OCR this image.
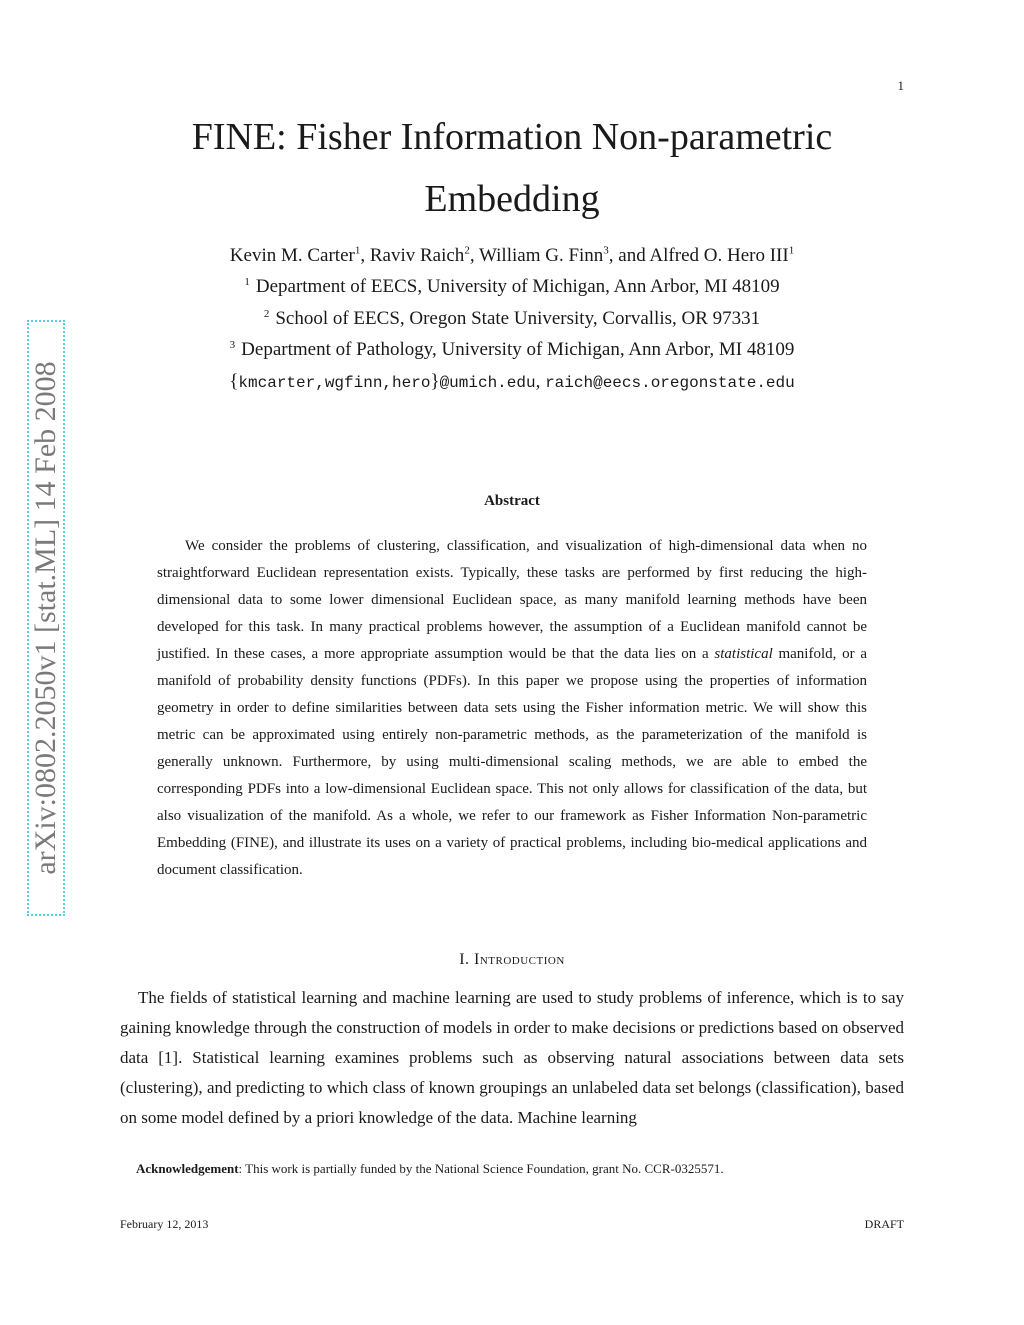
1
arXiv:0802.2050v1 [stat.ML] 14 Feb 2008
FINE: Fisher Information Non-parametric
Embedding
Kevin M. Carter$^1$, Raviv Raich$^2$, William G. Finn$^3$, and Alfred O. Hero III$^1$
$^1$ Department of EECS, University of Michigan, Ann Arbor, MI 48109
$^2$ School of EECS, Oregon State University, Corvallis, OR 97331
$^3$ Department of Pathology, University of Michigan, Ann Arbor, MI 48109
{kmcarter,wgfinn,hero}@umich.edu, raich@eecs.oregonstate.edu
Abstract

We consider the problems of clustering, classification, and visualization of high-dimensional data when no straightforward Euclidean representation exists. Typically, these tasks are performed by first reducing the high-dimensional data to some lower dimensional Euclidean space, as many manifold learning methods have been developed for this task. In many practical problems however, the assumption of a Euclidean manifold cannot be justified. In these cases, a more appropriate assumption would be that the data lies on a statistical manifold, or a manifold of probability density functions (PDFs). In this paper we propose using the properties of information geometry in order to define similarities between data sets using the Fisher information metric. We will show this metric can be approximated using entirely non-parametric methods, as the parameterization of the manifold is generally unknown. Furthermore, by using multi-dimensional scaling methods, we are able to embed the corresponding PDFs into a low-dimensional Euclidean space. This not only allows for classification of the data, but also visualization of the manifold. As a whole, we refer to our framework as Fisher Information Non-parametric Embedding (FINE), and illustrate its uses on a variety of practical problems, including bio-medical applications and document classification.

I. Introduction

The fields of statistical learning and machine learning are used to study problems of inference, which is to say gaining knowledge through the construction of models in order to make decisions or predictions based on observed data [1]. Statistical learning examines problems such as observing natural associations between data sets (clustering), and predicting to which class of known groupings an unlabeled data set belongs (classification), based on some model defined by a priori knowledge of the data. Machine learning

Acknowledgement: This work is partially funded by the National Science Foundation, grant No. CCR-0325571.
February 12, 2013	DRAFT
